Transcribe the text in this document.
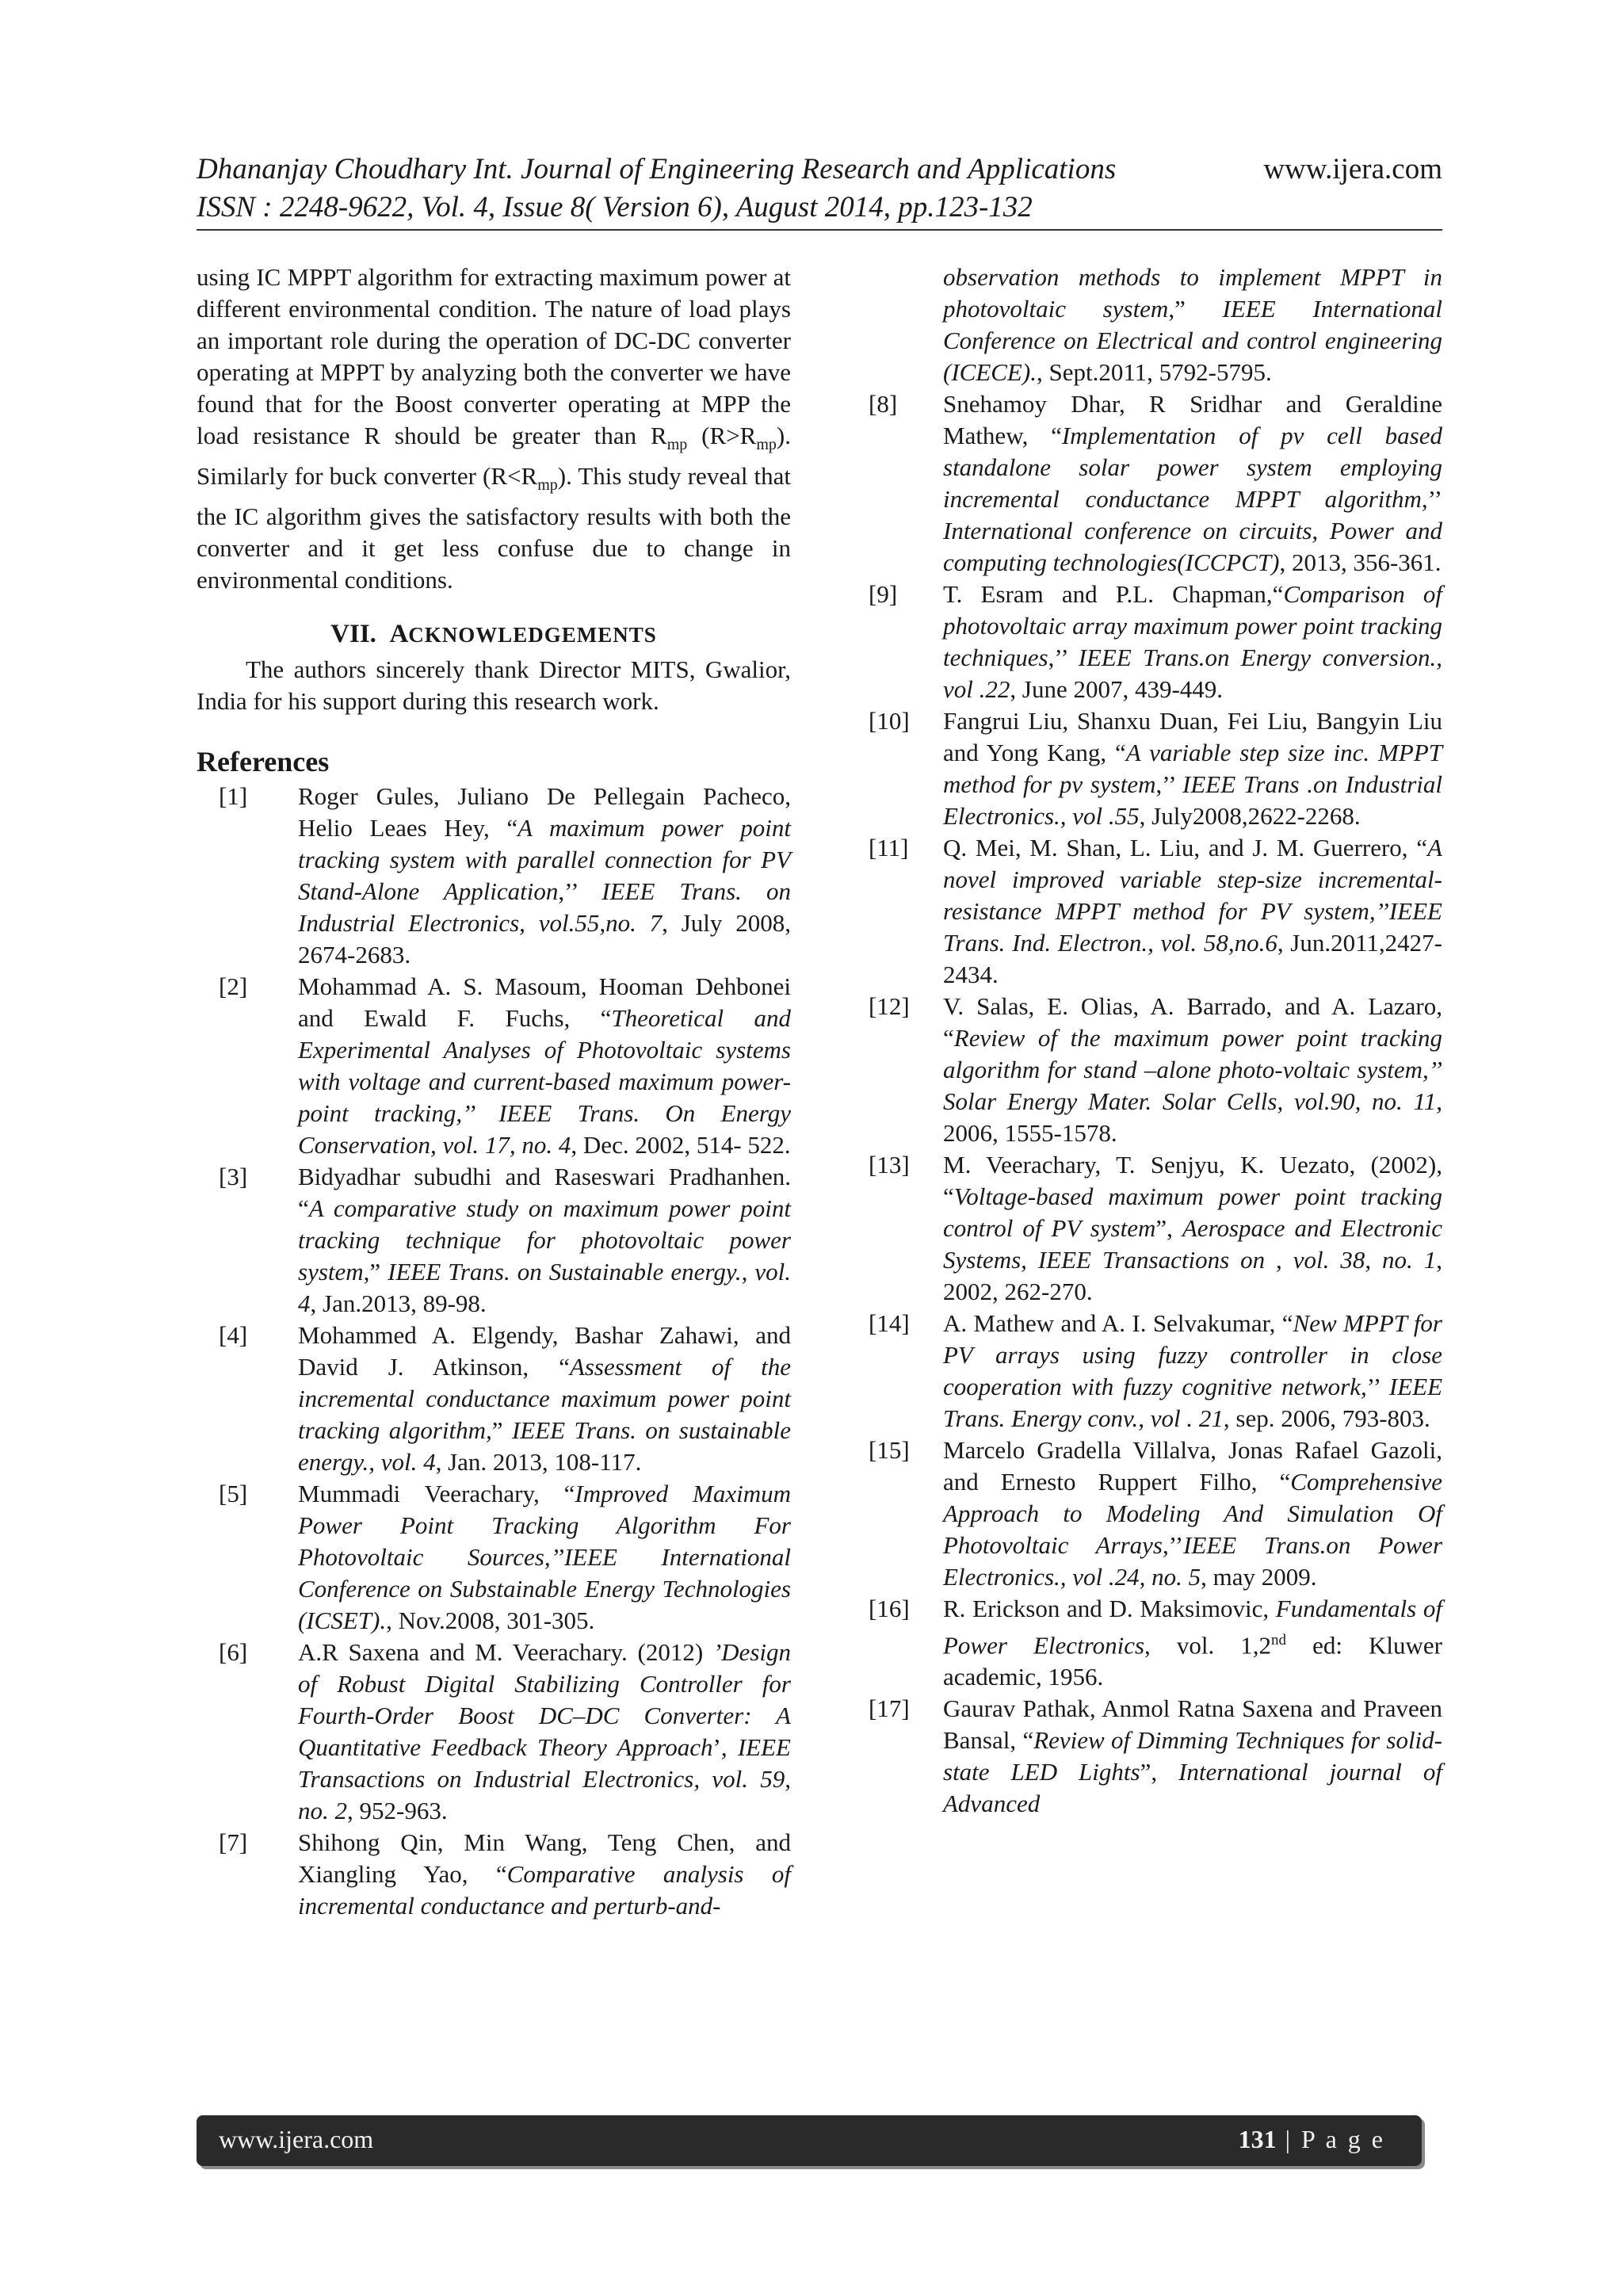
Dhananjay Choudhary Int. Journal of Engineering Research and Applications
ISSN : 2248-9622, Vol. 4, Issue 8( Version 6), August 2014, pp.123-132
www.ijera.com

using IC MPPT algorithm for extracting maximum power at different environmental condition. The nature of load plays an important role during the operation of DC-DC converter operating at MPPT by analyzing both the converter we have found that for the Boost converter operating at MPP the load resistance R should be greater than $R_{mp}$ $(R>R_{mp})$. Similarly for buck converter $(R<R_{mp})$. This study reveal that the IC algorithm gives the satisfactory results with both the converter and it get less confuse due to change in environmental conditions.

VII. ACKNOWLEDGEMENTS

The authors sincerely thank Director MITS, Gwalior, India for his support during this research work.

References
[1] Roger Gules, Juliano De Pellegain Pacheco, Helio Leaes Hey, “A maximum power point tracking system with parallel connection for PV Stand-Alone Application,’’ IEEE Trans. on Industrial Electronics, vol.55,no. 7, July 2008, 2674-2683.
[2] Mohammad A. S. Masoum, Hooman Dehbonei and Ewald F. Fuchs, “Theoretical and Experimental Analyses of Photovoltaic systems with voltage and current-based maximum power-point tracking,’’ IEEE Trans. On Energy Conservation, vol. 17, no. 4, Dec. 2002, 514- 522.
[3] Bidyadhar subudhi and Raseswari Pradhanhen. “A comparative study on maximum power point tracking technique for photovoltaic power system,” IEEE Trans. on Sustainable energy., vol. 4, Jan.2013, 89-98.
[4] Mohammed A. Elgendy, Bashar Zahawi, and David J. Atkinson, “Assessment of the incremental conductance maximum power point tracking algorithm,” IEEE Trans. on sustainable energy., vol. 4, Jan. 2013, 108-117.
[5] Mummadi Veerachary, “Improved Maximum Power Point Tracking Algorithm For Photovoltaic Sources,’’IEEE International Conference on Substainable Energy Technologies (ICSET)., Nov.2008, 301-305.
[6] A.R Saxena and M. Veerachary. (2012) ’Design of Robust Digital Stabilizing Controller for Fourth-Order Boost DC–DC Converter: A Quantitative Feedback Theory Approach’, IEEE Transactions on Industrial Electronics, vol. 59, no. 2, 952-963.
[7] Shihong Qin, Min Wang, Teng Chen, and Xiangling Yao, “Comparative analysis of incremental conductance and perturb-and-
observation methods to implement MPPT in photovoltaic system,” IEEE International Conference on Electrical and control engineering (ICECE)., Sept.2011, 5792-5795.
[8] Snehamoy Dhar, R Sridhar and Geraldine Mathew, “Implementation of pv cell based standalone solar power system employing incremental conductance MPPT algorithm,’’ International conference on circuits, Power and computing technologies(ICCPCT), 2013, 356-361.
[9] T. Esram and P.L. Chapman,“Comparison of photovoltaic array maximum power point tracking techniques,’’ IEEE Trans.on Energy conversion., vol .22, June 2007, 439-449.
[10] Fangrui Liu, Shanxu Duan, Fei Liu, Bangyin Liu and Yong Kang, “A variable step size inc. MPPT method for pv system,’’ IEEE Trans .on Industrial Electronics., vol .55, July2008,2622-2268.
[11] Q. Mei, M. Shan, L. Liu, and J. M. Guerrero, “A novel improved variable step-size incremental-resistance MPPT method for PV system,’’IEEE Trans. Ind. Electron., vol. 58,no.6, Jun.2011,2427-2434.
[12] V. Salas, E. Olias, A. Barrado, and A. Lazaro, “Review of the maximum power point tracking algorithm for stand –alone photo-voltaic system,’’ Solar Energy Mater. Solar Cells, vol.90, no. 11, 2006, 1555-1578.
[13] M. Veerachary, T. Senjyu, K. Uezato, (2002), “Voltage-based maximum power point tracking control of PV system”, Aerospace and Electronic Systems, IEEE Transactions on , vol. 38, no. 1, 2002, 262-270.
[14] A. Mathew and A. I. Selvakumar, “New MPPT for PV arrays using fuzzy controller in close cooperation with fuzzy cognitive network,’’ IEEE Trans. Energy conv., vol . 21, sep. 2006, 793-803.
[15] Marcelo Gradella Villalva, Jonas Rafael Gazoli, and Ernesto Ruppert Filho, “Comprehensive Approach to Modeling And Simulation Of Photovoltaic Arrays,’’IEEE Trans.on Power Electronics., vol .24, no. 5, may 2009.
[16] R. Erickson and D. Maksimovic, Fundamentals of Power Electronics, vol. 1,2nd ed: Kluwer academic, 1956.
[17] Gaurav Pathak, Anmol Ratna Saxena and Praveen Bansal, “Review of Dimming Techniques for solid-state LED Lights”, International journal of Advanced
www.ijera.com	131 | P a g e
